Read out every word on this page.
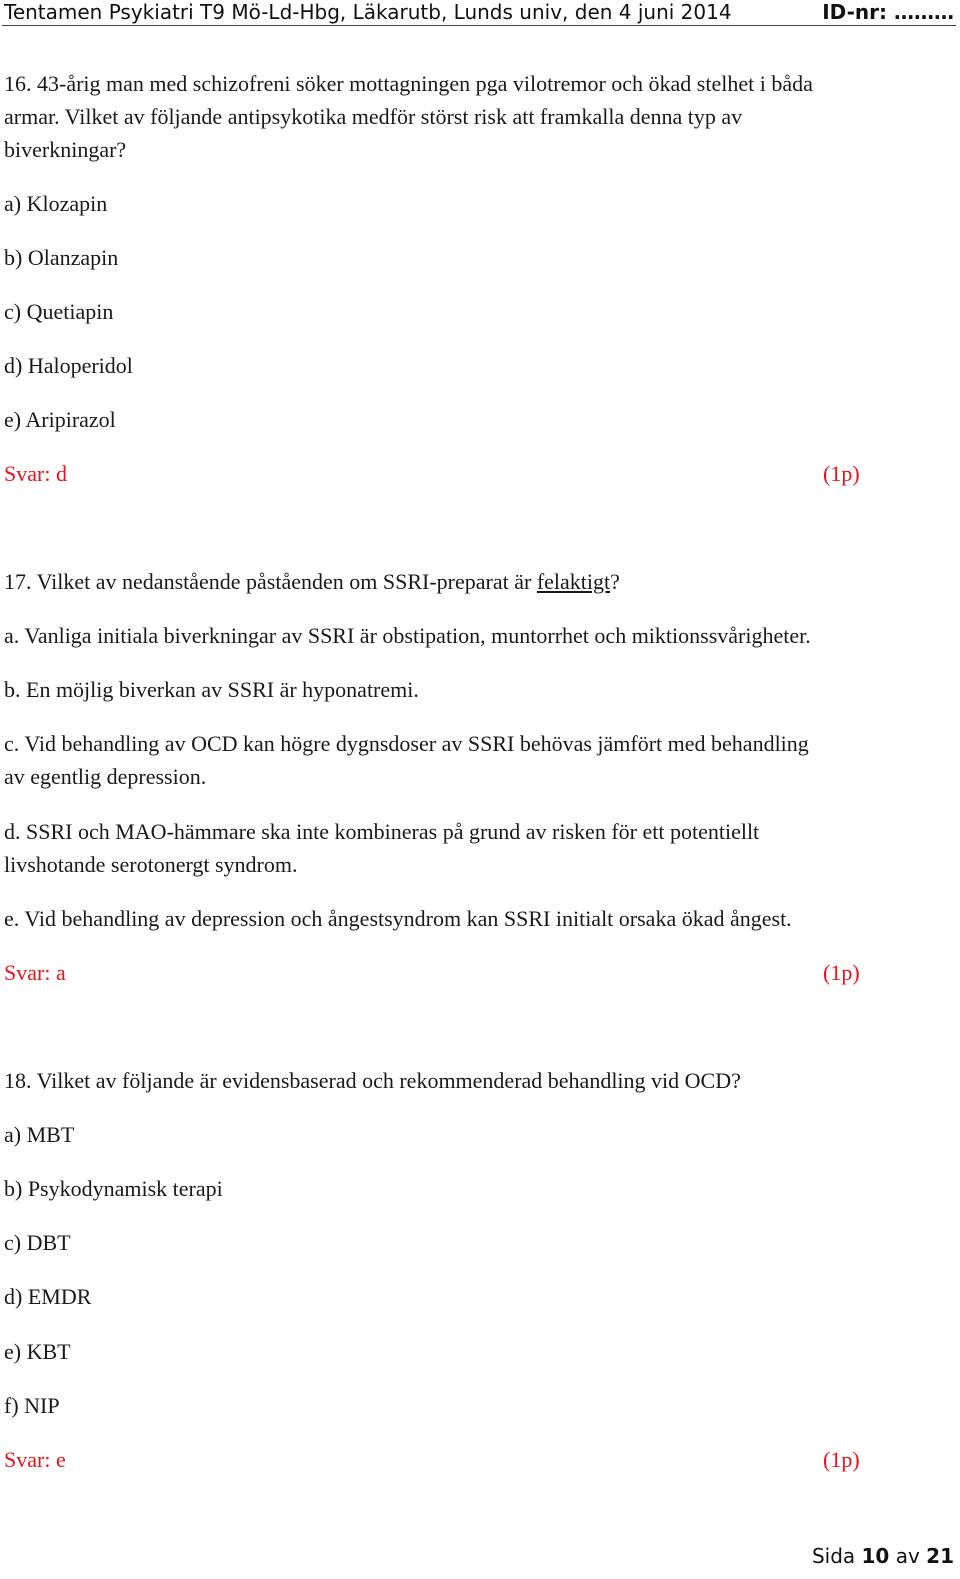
Tentamen Psykiatri T9 Mö-Ld-Hbg, Läkarutb, Lunds univ, den 4 juni 2014	ID-nr: ………
16. 43-årig man med schizofreni söker mottagningen pga vilotremor och ökad stelhet i båda
armar. Vilket av följande antipsykotika medför störst risk att framkalla denna typ av
biverkningar?
a) Klozapin
b) Olanzapin
c) Quetiapin
d) Haloperidol
e) Aripirazol
Svar: d	(1p)
17. Vilket av nedanstående påståenden om SSRI-preparat är felaktigt?
a. Vanliga initiala biverkningar av SSRI är obstipation, muntorrhet och miktionssvårigheter.
b. En möjlig biverkan av SSRI är hyponatremi.
c. Vid behandling av OCD kan högre dygnsdoser av SSRI behövas jämfört med behandling
av egentlig depression.
d. SSRI och MAO-hämmare ska inte kombineras på grund av risken för ett potentiellt
livshotande serotonergt syndrom.
e. Vid behandling av depression och ångestsyndrom kan SSRI initialt orsaka ökad ångest.
Svar: a	(1p)
18. Vilket av följande är evidensbaserad och rekommenderad behandling vid OCD?
a) MBT
b) Psykodynamisk terapi
c) DBT
d) EMDR
e) KBT
f) NIP
Svar: e	(1p)
Sida 10 av 21
